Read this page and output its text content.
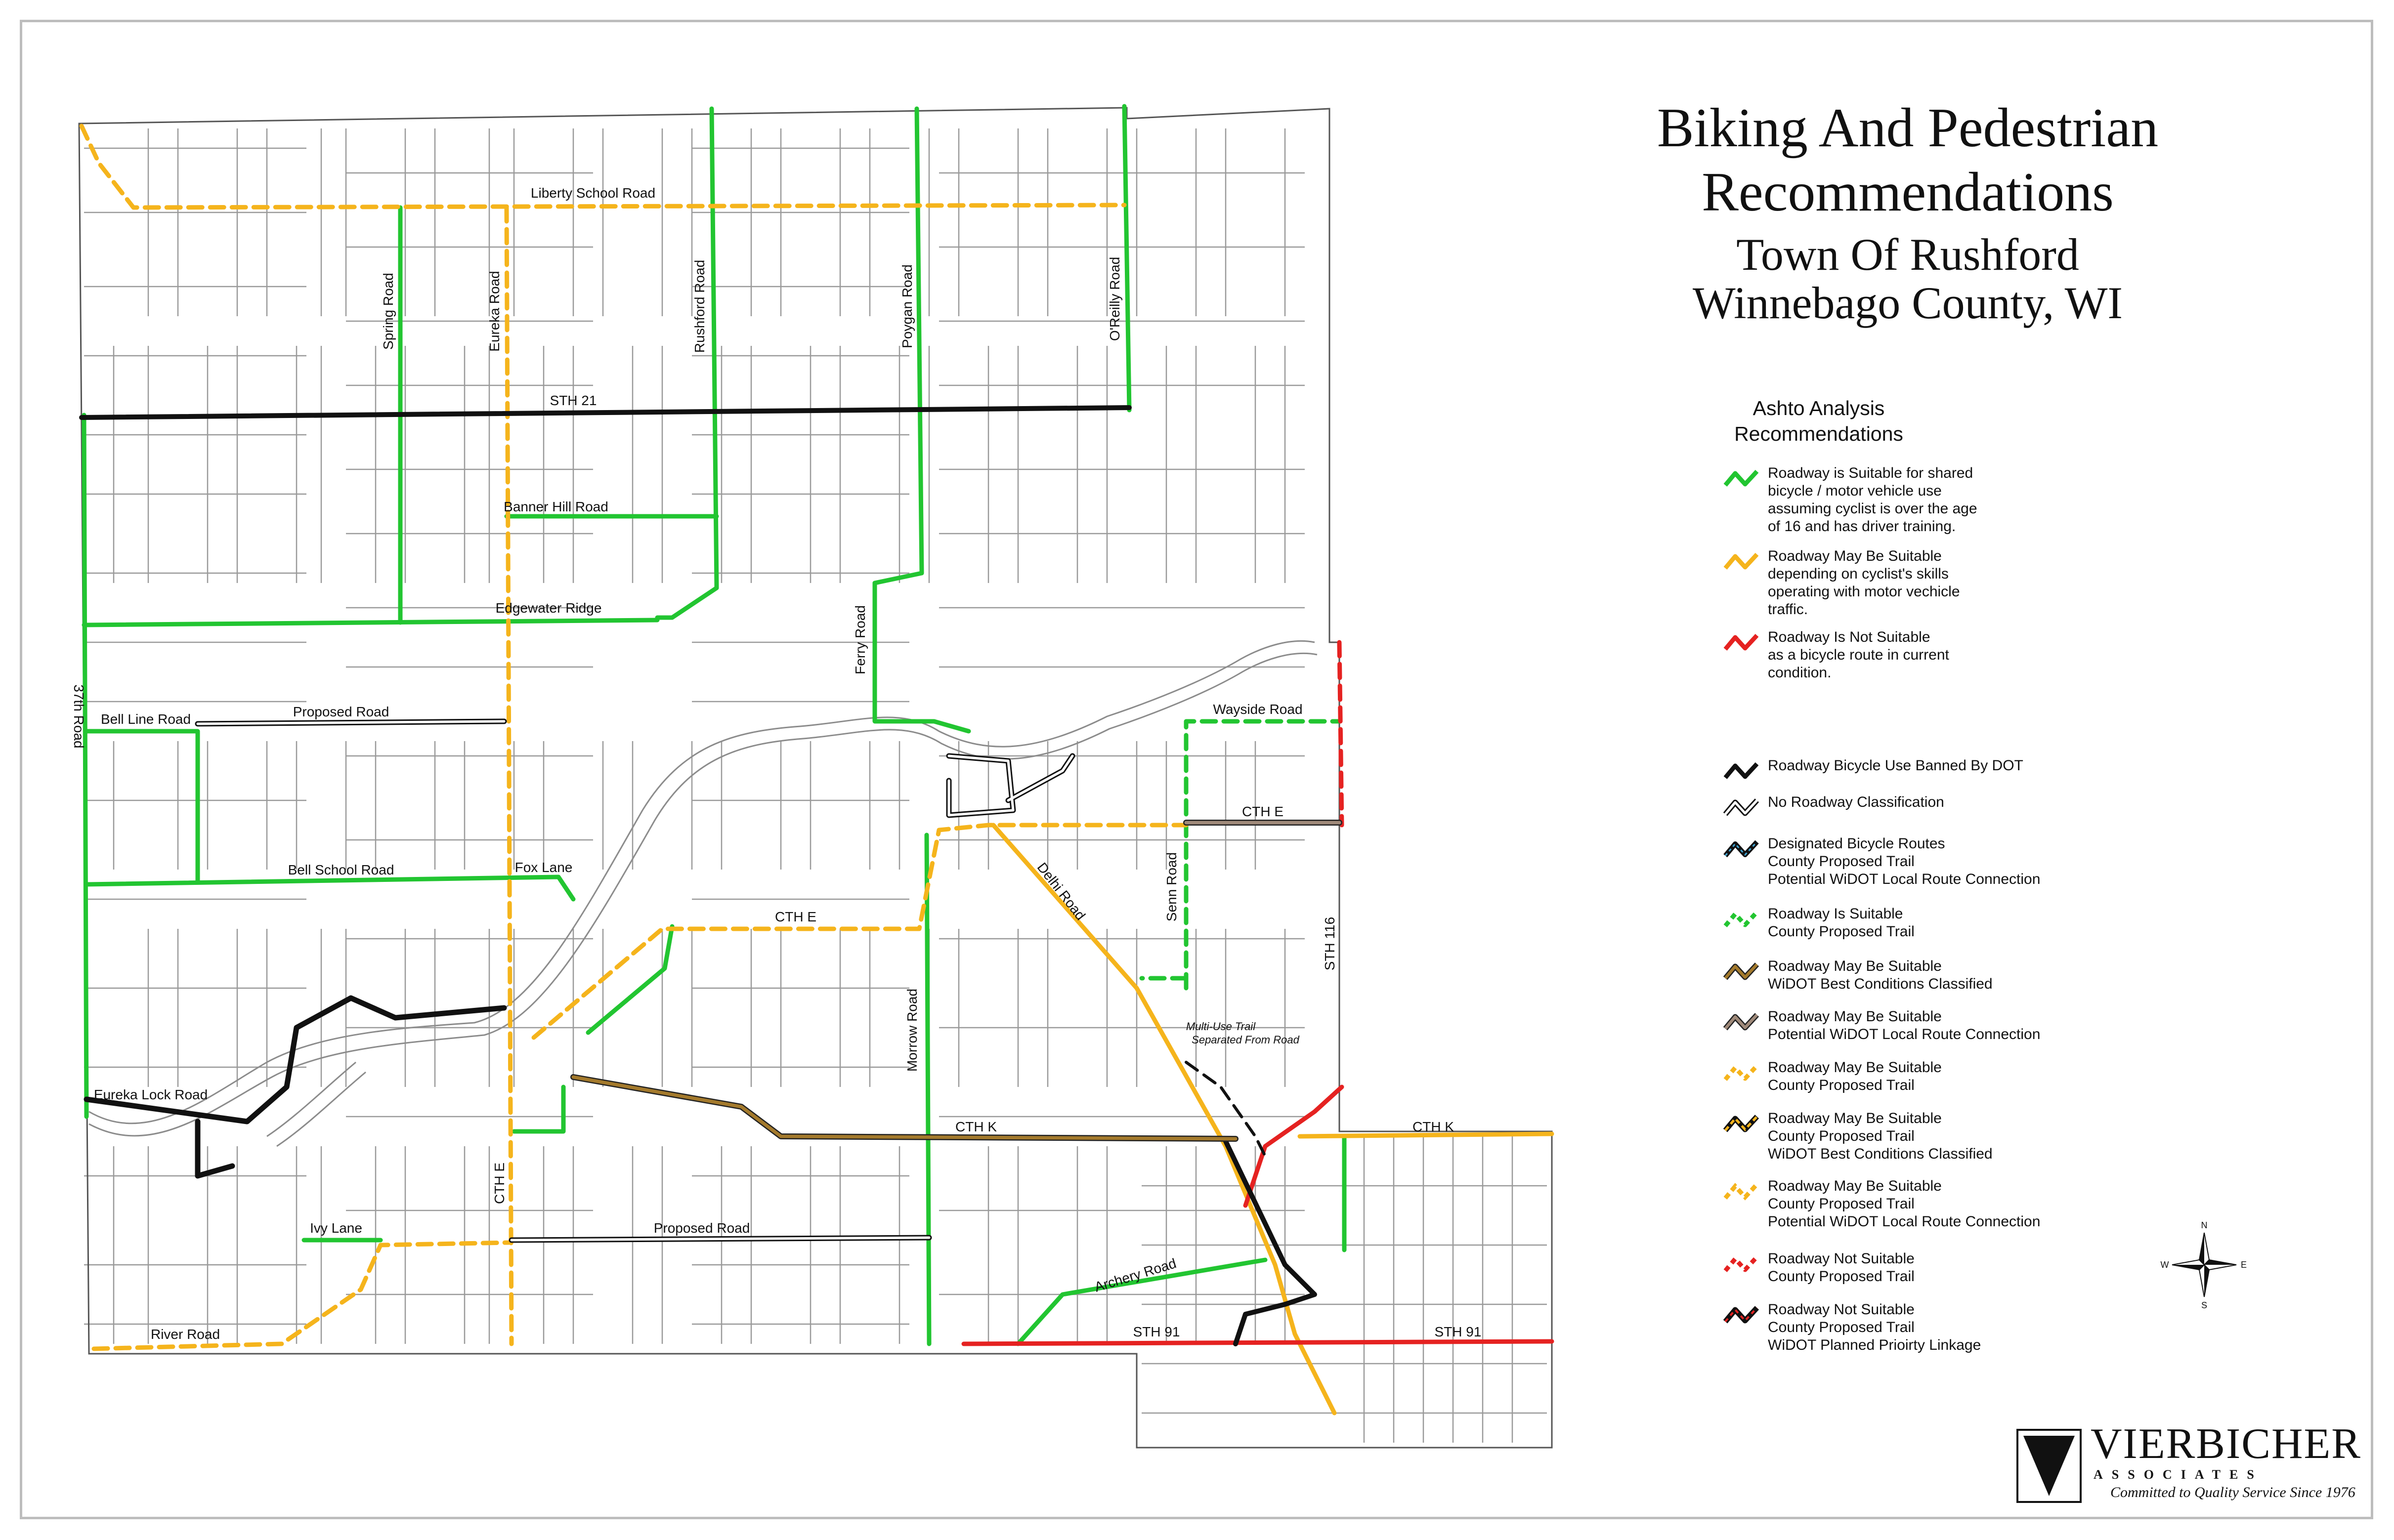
Liberty School Road
Spring Road	Eureka Road	Rushford Road	Poygan Road	O'Reilly Road
STH 21
Banner Hill Road
Edgewater Ridge	Ferry Road
37th Road Bell Line Road	Proposed Road	Wayside Road
CTH E
Bell School Road	Fox Lane	Delhi Road	Senn Road
STH 116
CTH E
Morrow Road
Eureka Lock Road
CTH K	CTH K
CTH E
Ivy Lane	Proposed Road
Archery Road
River Road	STH 91	STH 91
Multi-Use Trail
Separated From Road
Biking And Pedestrian
Recommendations
Town Of Rushford
Winnebago County, WI
Ashto Analysis
Recommendations
Roadway is Suitable for shared
bicycle / motor vehicle use
assuming cyclist is over the age
of 16 and has driver training.
Roadway May Be Suitable
depending on cyclist's skills
operating with motor vechicle
traffic.
Roadway Is Not Suitable
as a bicycle route in current
condition.
Roadway Bicycle Use Banned By DOT
No Roadway Classification
Designated Bicycle Routes
County Proposed Trail
Potential WiDOT Local Route Connection
Roadway Is Suitable
County Proposed Trail
Roadway May Be Suitable
WiDOT Best Conditions Classified
Roadway May Be Suitable
Potential WiDOT Local Route Connection
Roadway May Be Suitable
County Proposed Trail
Roadway May Be Suitable
County Proposed Trail
WiDOT Best Conditions Classified
Roadway May Be Suitable
County Proposed Trail
Potential WiDOT Local Route Connection
Roadway Not Suitable
County Proposed Trail
Roadway Not Suitable
County Proposed Trail
WiDOT Planned Prioirty Linkage
N
S
E
W
VIERBICHER
ASSOCIATES
Committed to Quality Service Since 1976
